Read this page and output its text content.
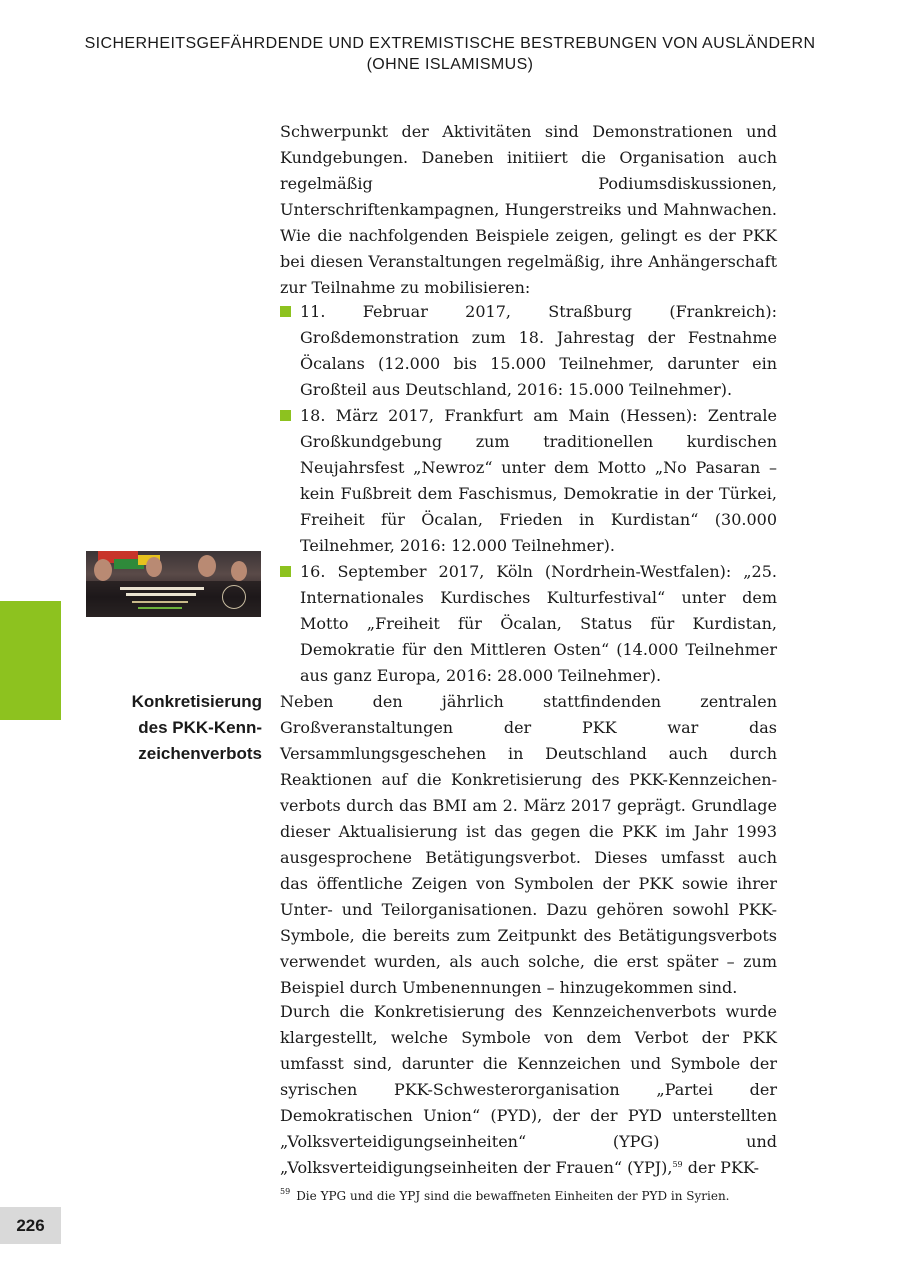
SICHERHEITSGEFÄHRDENDE UND EXTREMISTISCHE BESTREBUNGEN VON AUSLÄNDERN
(OHNE ISLAMISMUS)
Schwerpunkt der Aktivitäten sind Demonstrationen und Kundgebungen. Daneben initiiert die Organisation auch regelmäßig Podiumsdiskussionen, Unterschriftenkampagnen, Hungerstreiks und Mahnwachen. Wie die nachfolgenden Beispiele zeigen, gelingt es der PKK bei diesen Veranstaltungen regelmäßig, ihre Anhängerschaft zur Teilnahme zu mobilisieren:
11. Februar 2017, Straßburg (Frankreich): Großdemonstration zum 18. Jahrestag der Festnahme Öcalans (12.000 bis 15.000 Teilnehmer, darunter ein Großteil aus Deutschland, 2016: 15.000 Teilnehmer).
18. März 2017, Frankfurt am Main (Hessen): Zentrale Großkundgebung zum traditionellen kurdischen Neujahrsfest „Newroz“ unter dem Motto „No Pasaran – kein Fußbreit dem Faschismus, Demokratie in der Türkei, Freiheit für Öcalan, Frieden in Kurdistan“ (30.000 Teilnehmer, 2016: 12.000 Teilnehmer).
16. September 2017, Köln (Nordrhein-Westfalen): „25. Internationales Kurdisches Kulturfestival“ unter dem Motto „Freiheit für Öcalan, Status für Kurdistan, Demokratie für den Mittleren Osten“ (14.000 Teilnehmer aus ganz Europa, 2016: 28.000 Teilnehmer).
Konkretisierung
des PKK-Kenn-
zeichenverbots
Neben den jährlich stattfindenden zentralen Großveranstaltungen der PKK war das Versammlungsgeschehen in Deutschland auch durch Reaktionen auf die Konkretisierung des PKK-Kennzeichenverbots durch das BMI am 2. März 2017 geprägt. Grundlage dieser Aktualisierung ist das gegen die PKK im Jahr 1993 ausgesprochene Betätigungsverbot. Dieses umfasst auch das öffentliche Zeigen von Symbolen der PKK sowie ihrer Unter- und Teilorganisationen. Dazu gehören sowohl PKK-Symbole, die bereits zum Zeitpunkt des Betätigungsverbots verwendet wurden, als auch solche, die erst später – zum Beispiel durch Umbenennungen – hinzugekommen sind.
Durch die Konkretisierung des Kennzeichenverbots wurde klargestellt, welche Symbole von dem Verbot der PKK umfasst sind, darunter die Kennzeichen und Symbole der syrischen PKK-Schwesterorganisation „Partei der Demokratischen Union“ (PYD), der der PYD unterstellten „Volksverteidigungseinheiten“ (YPG) und „Volksverteidigungseinheiten der Frauen“ (YPJ),$^{59}$ der PKK-
$^{59}$ Die YPG und die YPJ sind die bewaffneten Einheiten der PYD in Syrien.
226
